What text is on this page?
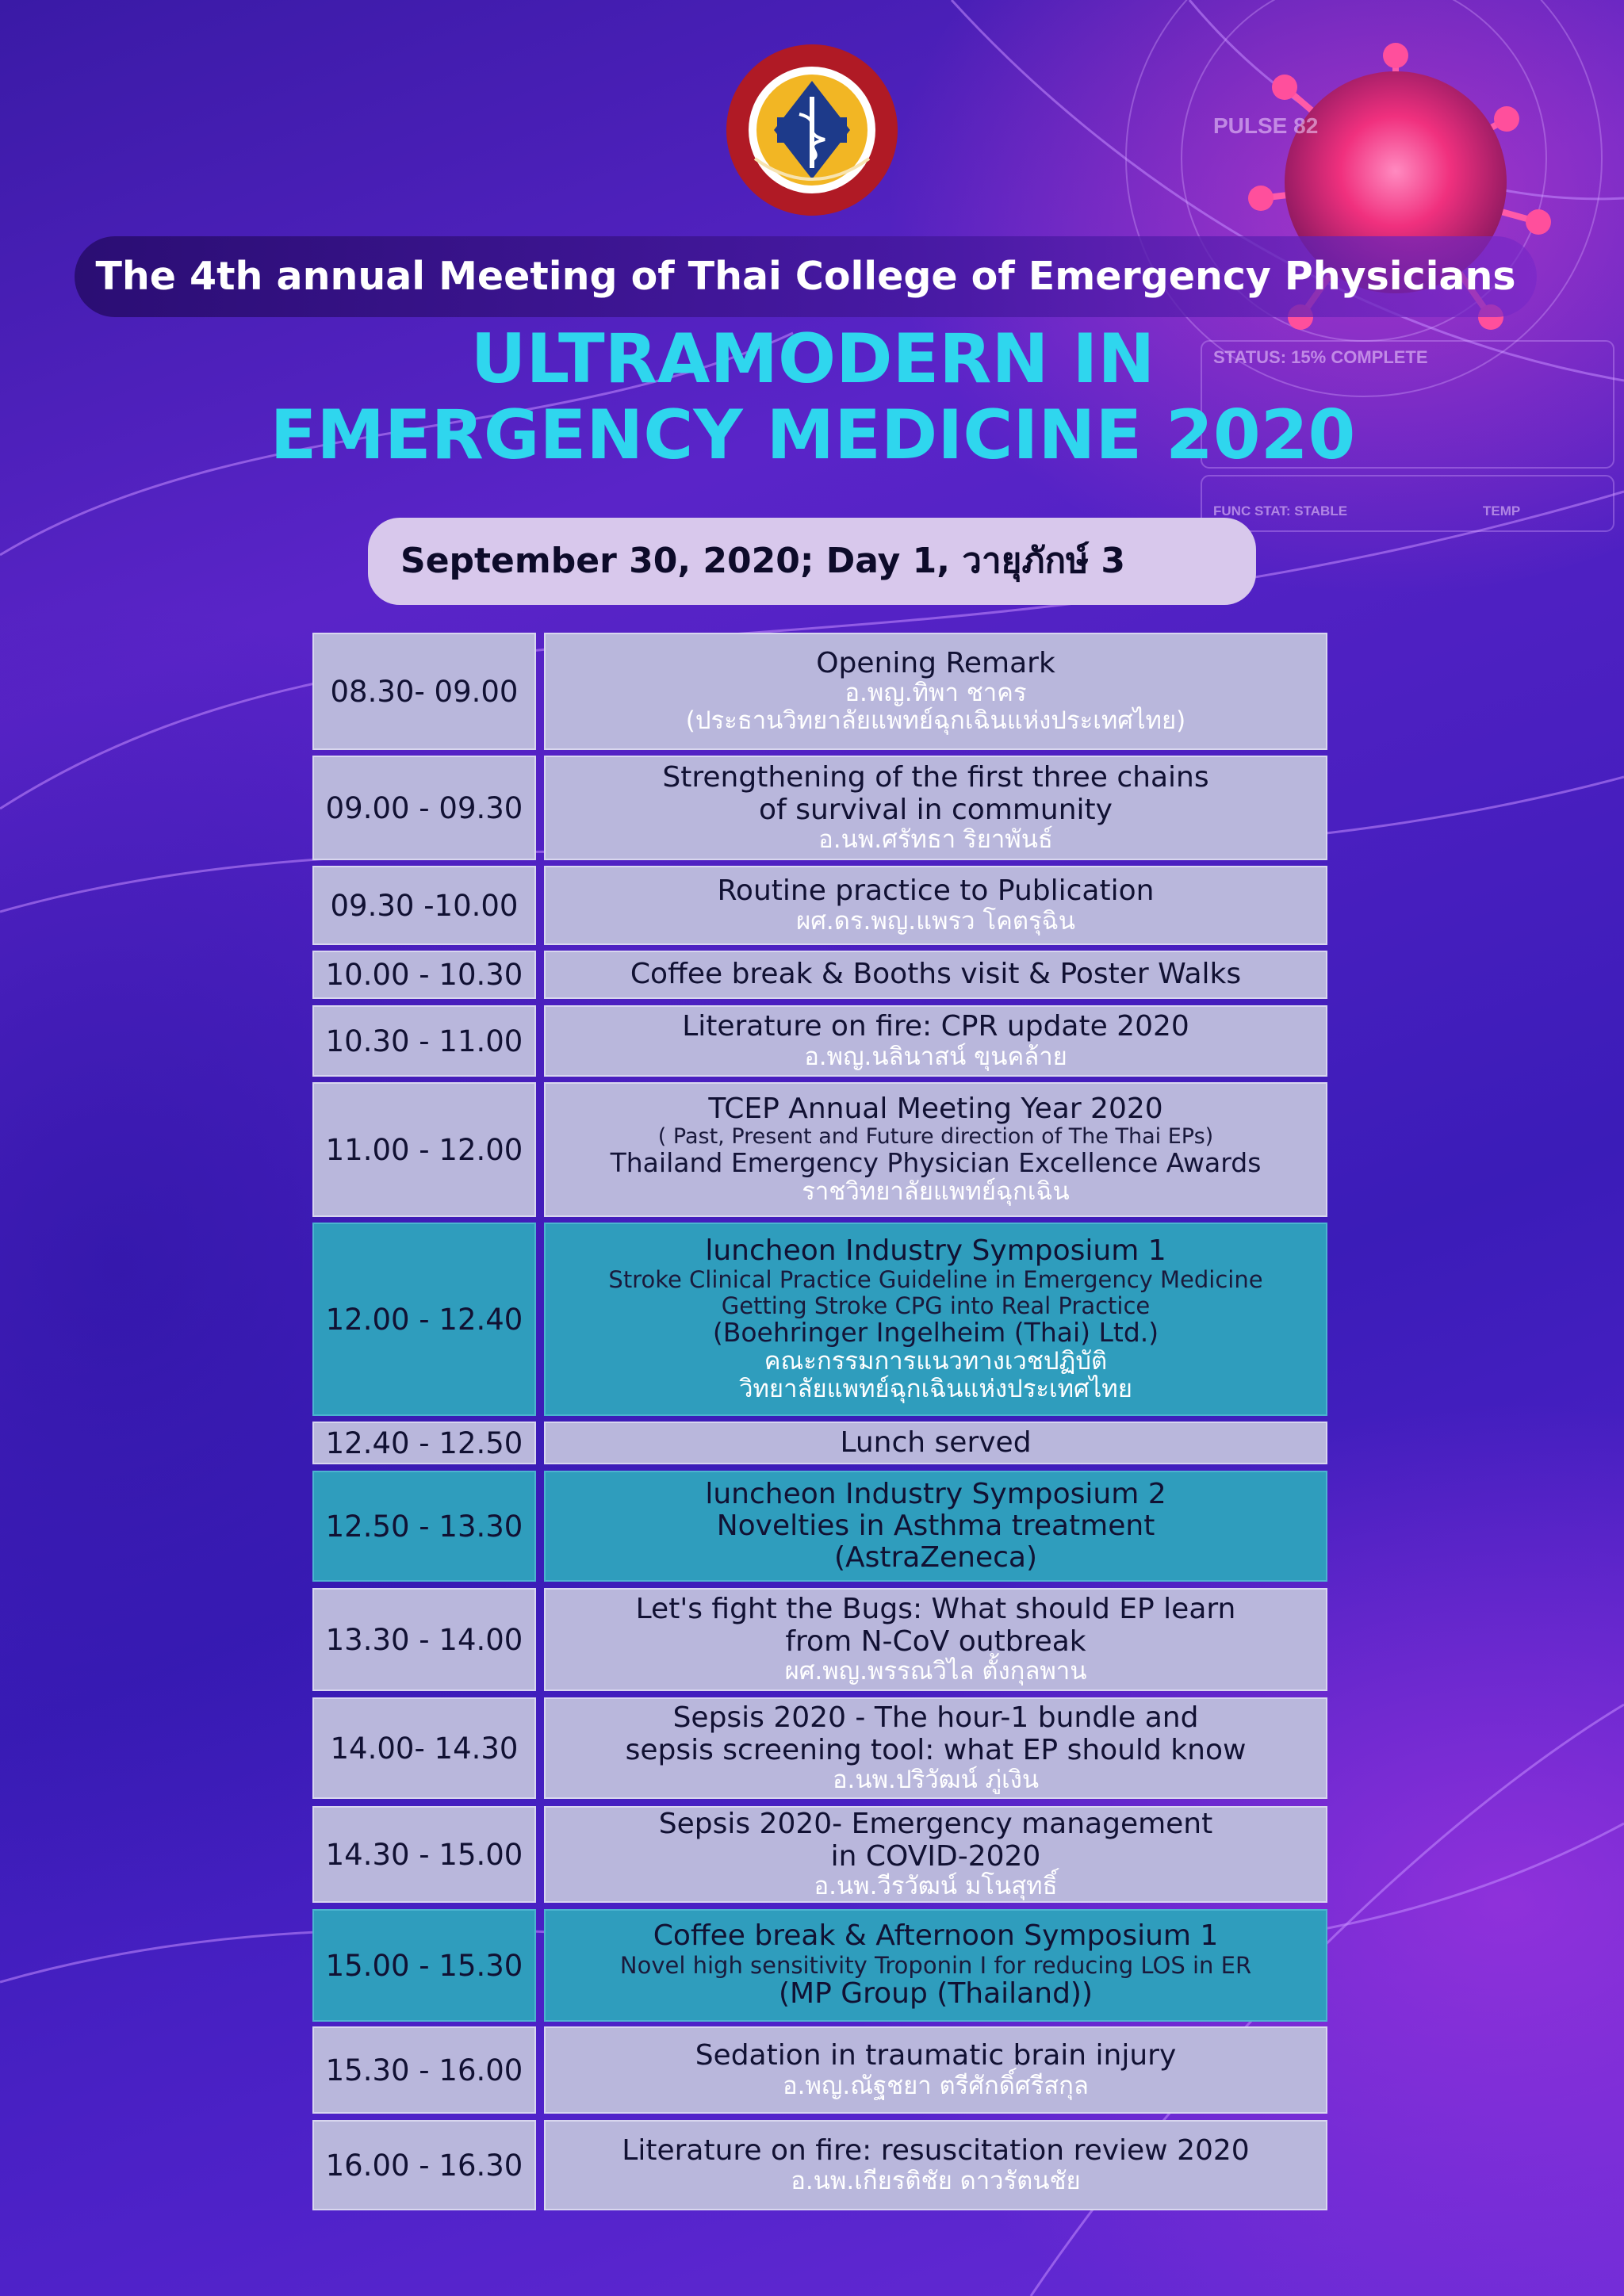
PULSE 82
STATUS: 15% COMPLETE
FUNC STAT: STABLE	TEMP
The 4th annual Meeting of Thai College of Emergency Physicians
ULTRAMODERN IN
EMERGENCY MEDICINE 2020
September 30, 2020; Day 1, วายุภักษ์ 3
08.30- 09.00
Opening Remark
อ.พญ.ทิพา ชาคร
(ประธานวิทยาลัยแพทย์ฉุกเฉินแห่งประเทศไทย)
09.00 - 09.30
Strengthening of the first three chains
of survival in community
อ.นพ.ศรัทธา ริยาพันธ์
09.30 -10.00	Routine practice to Publication
ผศ.ดร.พญ.แพรว โคตรุฉิน
10.00 - 10.30	Coffee break & Booths visit & Poster Walks
10.30 - 11.00	Literature on fire: CPR update 2020
อ.พญ.นลินาสน์ ขุนคล้าย
11.00 - 12.00
TCEP Annual Meeting Year 2020
( Past, Present and Future direction of The Thai EPs)
Thailand Emergency Physician Excellence Awards
ราชวิทยาลัยแพทย์ฉุกเฉิน
12.00 - 12.40
luncheon Industry Symposium 1
Stroke Clinical Practice Guideline in Emergency Medicine
Getting Stroke CPG into Real Practice
(Boehringer Ingelheim (Thai) Ltd.)
คณะกรรมการแนวทางเวชปฏิบัติ
วิทยาลัยแพทย์ฉุกเฉินแห่งประเทศไทย
12.40 - 12.50	Lunch served
12.50 - 13.30
luncheon Industry Symposium 2
Novelties in Asthma treatment
(AstraZeneca)
13.30 - 14.00
Let's fight the Bugs: What should EP learn
from N-CoV outbreak
ผศ.พญ.พรรณวิไล ตั้งกุลพาน
14.00- 14.30
Sepsis 2020 - The hour-1 bundle and
sepsis screening tool: what EP should know
อ.นพ.ปริวัฒน์ ภู่เงิน
14.30 - 15.00
Sepsis 2020- Emergency management
in COVID-2020
อ.นพ.วีรวัฒน์ มโนสุทธิ์
15.00 - 15.30
Coffee break & Afternoon Symposium 1
Novel high sensitivity Troponin I for reducing LOS in ER
(MP Group (Thailand))
15.30 - 16.00	Sedation in traumatic brain injury
อ.พญ.ณัฐชยา ตรีศักดิ์ศรีสกุล
16.00 - 16.30	Literature on fire: resuscitation review 2020
อ.นพ.เกียรติชัย ดาวรัตนชัย
